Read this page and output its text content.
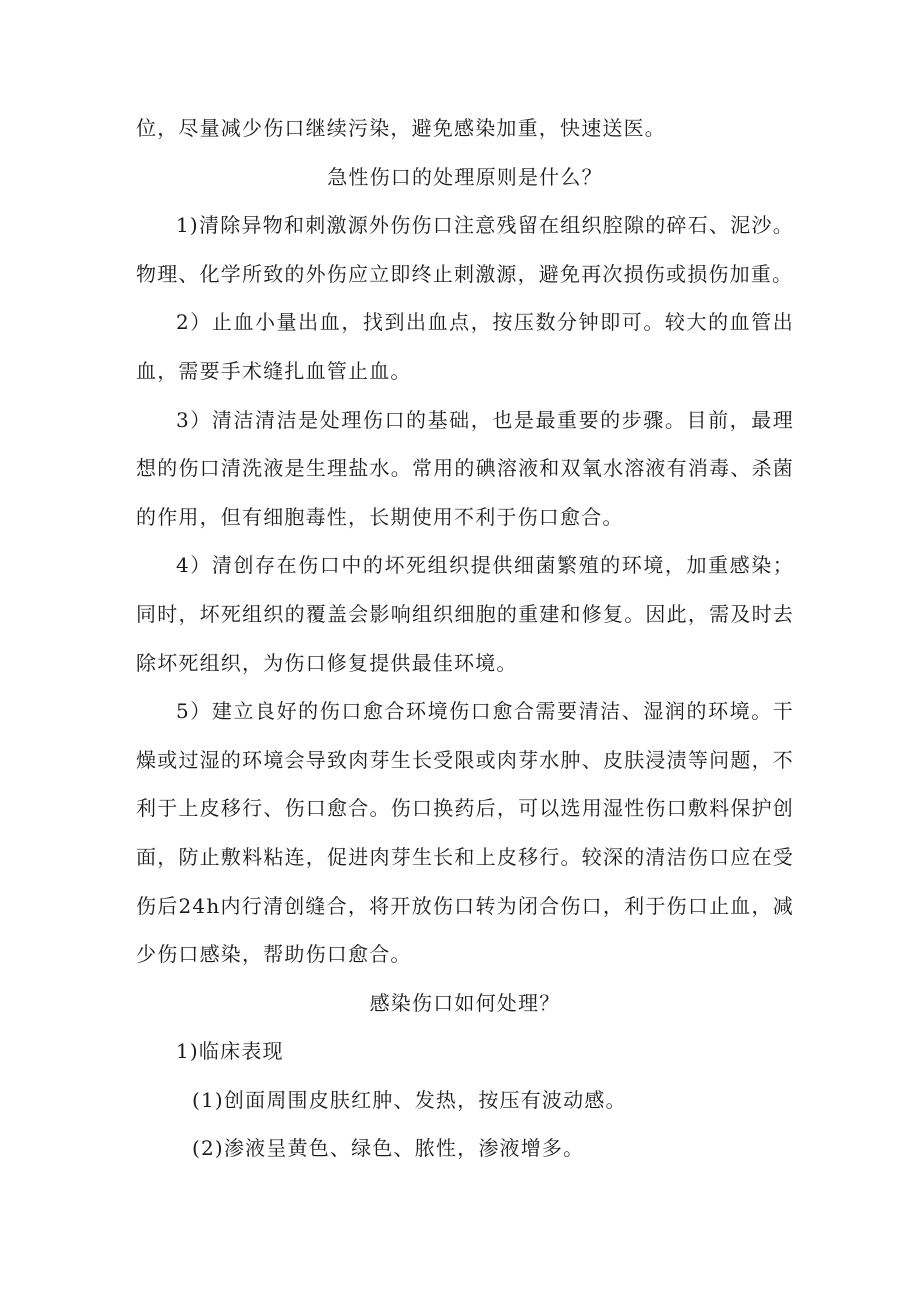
位，尽量减少伤口继续污染，避免感染加重，快速送医。

急性伤口的处理原则是什么？

1)清除异物和刺激源外伤伤口注意残留在组织腔隙的碎石、泥沙。物理、化学所致的外伤应立即终止刺激源，避免再次损伤或损伤加重。

2）止血小量出血，找到出血点，按压数分钟即可。较大的血管出血，需要手术缝扎血管止血。

3）清洁清洁是处理伤口的基础，也是最重要的步骤。目前，最理想的伤口清洗液是生理盐水。常用的碘溶液和双氧水溶液有消毒、杀菌的作用，但有细胞毒性，长期使用不利于伤口愈合。

4）清创存在伤口中的坏死组织提供细菌繁殖的环境，加重感染；同时，坏死组织的覆盖会影响组织细胞的重建和修复。因此，需及时去除坏死组织，为伤口修复提供最佳环境。

5）建立良好的伤口愈合环境伤口愈合需要清洁、湿润的环境。干燥或过湿的环境会导致肉芽生长受限或肉芽水肿、皮肤浸渍等问题，不利于上皮移行、伤口愈合。伤口换药后，可以选用湿性伤口敷料保护创面，防止敷料粘连，促进肉芽生长和上皮移行。较深的清洁伤口应在受伤后24h内行清创缝合，将开放伤口转为闭合伤口，利于伤口止血，减少伤口感染，帮助伤口愈合。

感染伤口如何处理？

1)临床表现

(1)创面周围皮肤红肿、发热，按压有波动感。

(2)渗液呈黄色、绿色、脓性，渗液增多。
